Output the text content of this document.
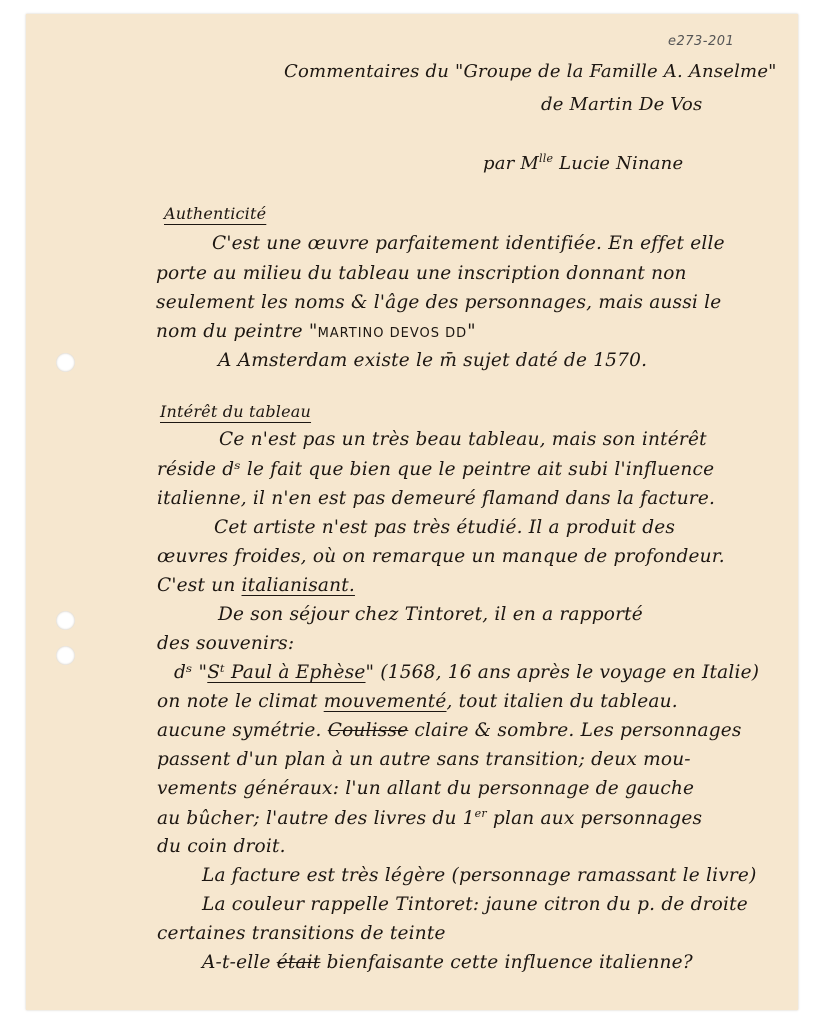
e273-201
Commentaires du "Groupe de la Famille A. Anselme"
de Martin De Vos
par $M^{lle}$ Lucie Ninane
Authenticité
C'est une œuvre parfaitement identifiée. En effet elle
porte au milieu du tableau une inscription donnant non
seulement les noms & l'âge des personnages, mais aussi le
nom du peintre "MARTINO DEVOS DD"
A Amsterdam existe le m̄ sujet daté de 1570.
Intérêt du tableau
Ce n'est pas un très beau tableau, mais son intérêt
réside dˢ le fait que bien que le peintre ait subi l'influence
italienne, il n'en est pas demeuré flamand dans la facture.
Cet artiste n'est pas très étudié. Il a produit des
œuvres froides, où on remarque un manque de profondeur.
C'est un italianisant.
De son séjour chez Tintoret, il en a rapporté
des souvenirs:
dˢ "Sᵗ Paul à Ephèse" (1568, 16 ans après le voyage en Italie)
on note le climat mouvementé, tout italien du tableau.
aucune symétrie. Coulisse claire & sombre. Les personnages
passent d'un plan à un autre sans transition; deux mou-
vements généraux: l'un allant du personnage de gauche
au bûcher; l'autre des livres du 1er plan aux personnages
du coin droit.
La facture est très légère (personnage ramassant le livre)
La couleur rappelle Tintoret: jaune citron du p. de droite
certaines transitions de teinte
A-t-elle était bienfaisante cette influence italienne?
